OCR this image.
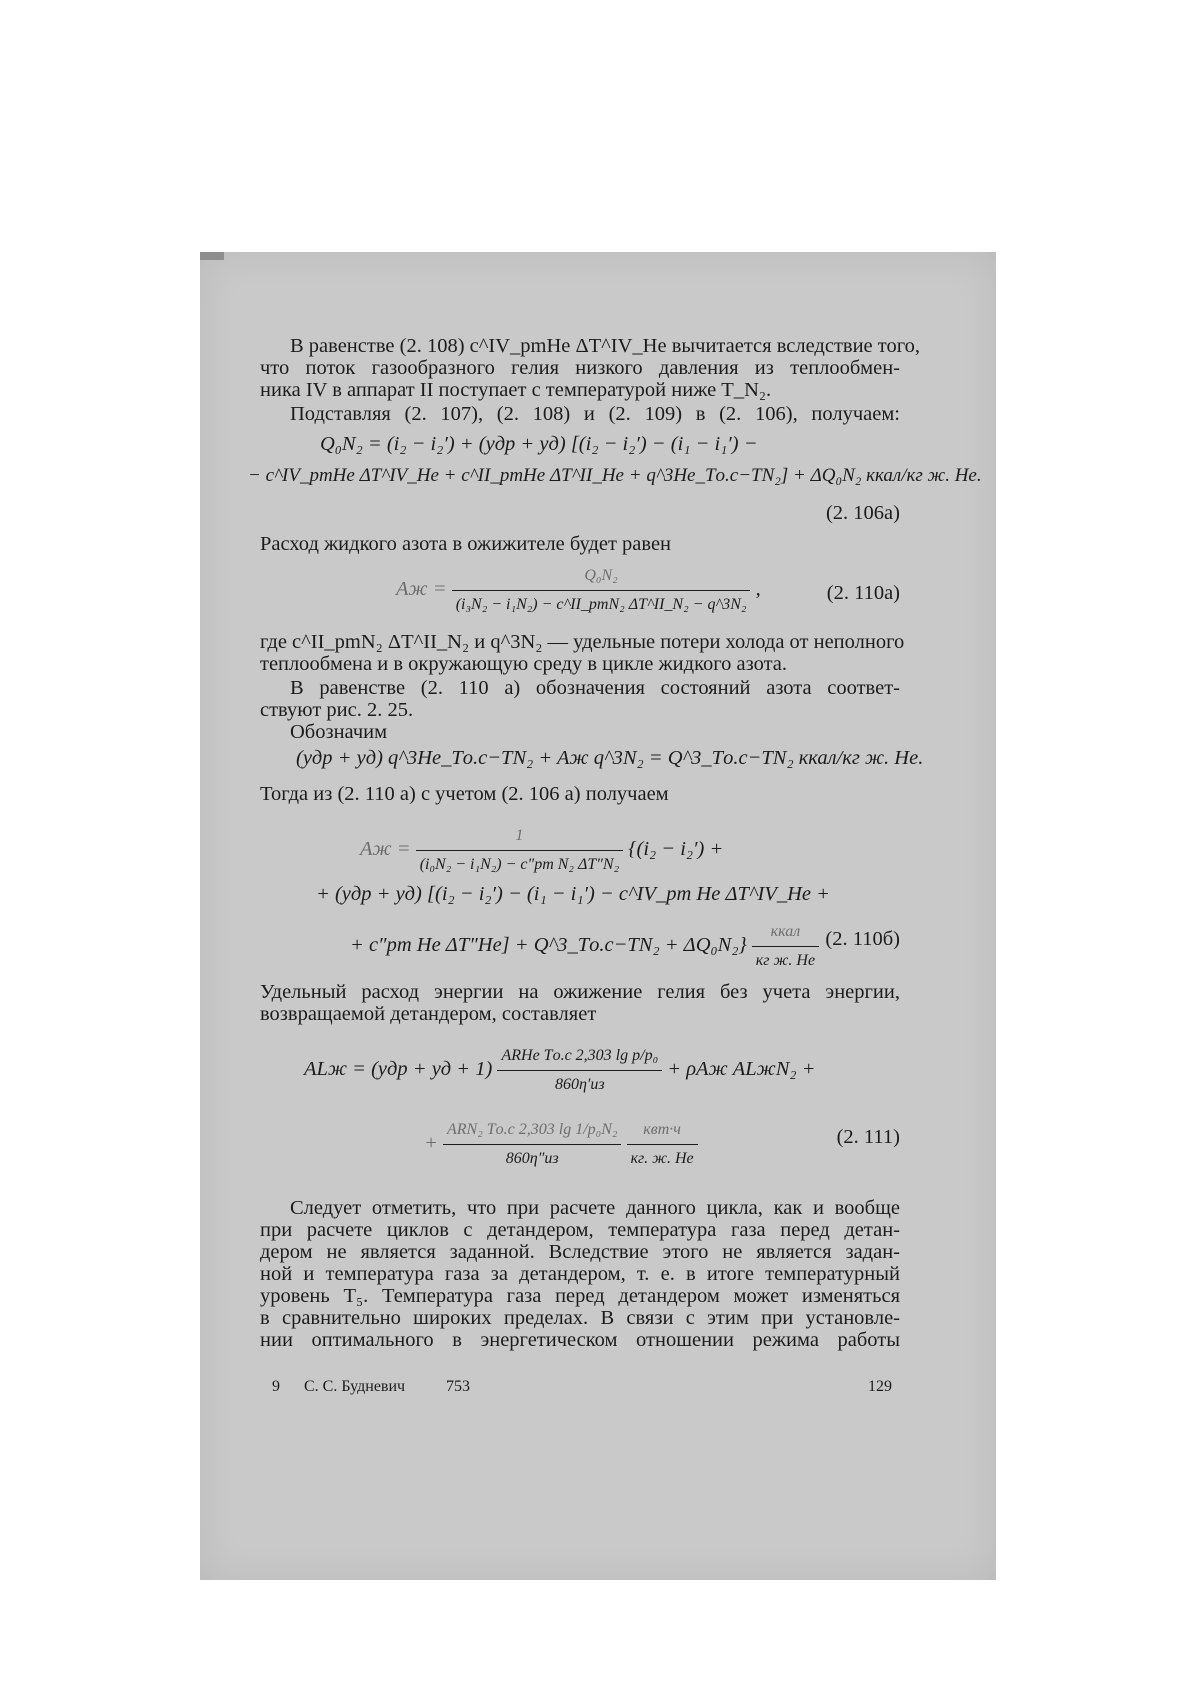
В равенстве (2. 108) c^IV_pmHe ΔT^IV_He вычитается вследствие того,
что поток газообразного гелия низкого давления из теплообмен-
ника IV в аппарат II поступает с температурой ниже T_N₂.
Подставляя (2. 107), (2. 108) и (2. 109) в (2. 106), получаем:
Q₀N₂ = (i₂ − i₂′) + (yдр + yд) [(i₂ − i₂′) − (i₁ − i₁′) −
− c^IV_pmHe ΔT^IV_He + c^II_pmHe ΔT^II_He + q^3He_Tо.с−TN₂] + ΔQ₀N₂ ккал/кг ж. He.
(2. 106a)
Расход жидкого азота в ожижителе будет равен
Aж = $\frac{\text{Q₀N₂}}{\text{(i₃N₂ − i₁N₂) − c\textasciicircum{}II\_pmN₂ ΔT\textasciicircum{}II\_N₂ − q\textasciicircum{}3N₂}}$ ,	(2. 110a)
где c^II_pmN₂ ΔT^II_N₂ и q^3N₂ — удельные потери холода от неполного
теплообмена и в окружающую среду в цикле жидкого азота.
В равенстве (2. 110 a) обозначения состояний азота соответ-
ствуют рис. 2. 25.
Обозначим
(yдр + yд) q^3He_Tо.с−TN₂ + Aж q^3N₂ = Q^3_Tо.с−TN₂ ккал/кг ж. He.
Тогда из (2. 110 a) с учетом (2. 106 a) получаем
Aж = $\frac{1}{\text{(i₀N₂ − i₁N₂) − c″pm N₂ ΔT″N₂}} \{(i_2 - i_2')$ +
+ (yдр + yд) [(i₂ − i₂′) − (i₁ − i₁′) − c^IV_pm He ΔT^IV_He +
+ c″pm He ΔT″He] + Q^3_Tо.с−TN₂ + $\Delta Q_0N_2\} \frac{\text{ккал}}{\text{кг ж. He}} (2$. 110б)
Удельный расход энергии на ожижение гелия без учета энергии,
возвращаемой детандером, составляет
ALж = (yдр + yд + $1) \frac{\text{ARHe Tо.с 2,303 lg p/p₀}}{860\eta'из} + \rho Aж$ ALжN₂ +
+ $\frac{\text{ARN₂ Tо.с 2,303 lg 1/p₀N₂}}{860\eta''из}$
$\frac{\text{квт·ч}}{кг. ж. He}$	(2. 111)
Следует отметить, что при расчете данного цикла, как и вообще
при расчете циклов с детандером, температура газа перед детан-
дером не является заданной. Вследствие этого не является задан-
ной и температура газа за детандером, т. е. в итоге температурный
уровень T₅. Температура газа перед детандером может изменяться
в сравнительно широких пределах. В связи с этим при установле-
нии оптимального в энергетическом отношении режима работы
9 С. С. Будневич	753	129
